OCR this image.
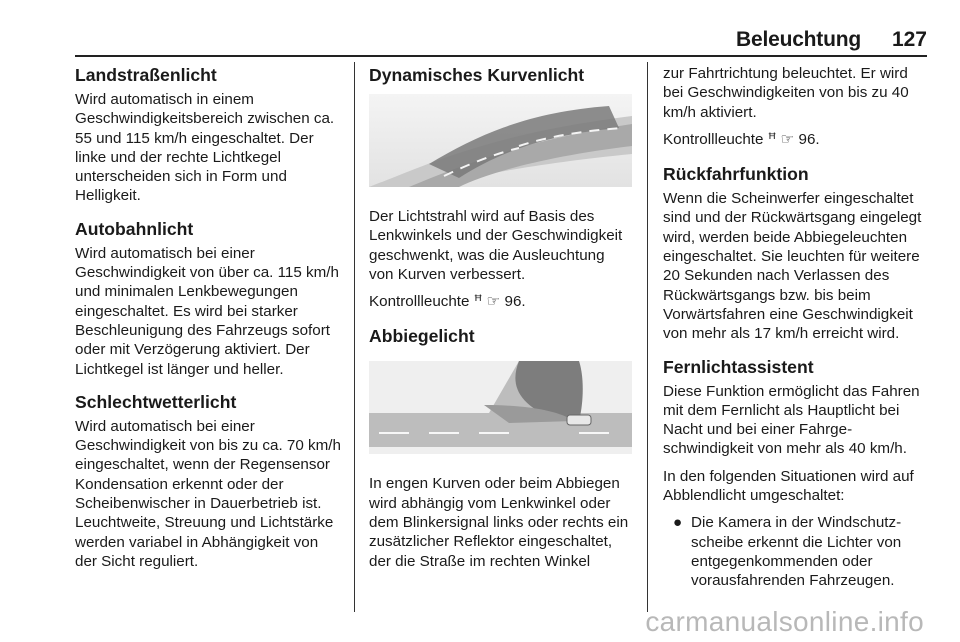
Beleuchtung 127
Landstraßenlicht

Wird automatisch in einem Geschwindigkeitsbereich zwischen ca. 55 und 115 km/h eingeschaltet. Der linke und der rechte Lichtkegel unterscheiden sich in Form und Helligkeit.

Autobahnlicht

Wird automatisch bei einer Geschwindigkeit von über ca. 115 km/h und minimalen Lenkbewegungen eingeschaltet. Es wird bei starker Beschleunigung des Fahrzeugs sofort oder mit Verzögerung aktiviert. Der Lichtkegel ist länger und heller.

Schlechtwetterlicht

Wird automatisch bei einer Geschwindigkeit von bis zu ca. 70 km/h eingeschaltet, wenn der Regensensor Kondensation erkennt oder der Scheibenwischer in Dauerbetrieb ist. Leuchtweite, Streuung und Lichtstärke werden variabel in Abhängigkeit von der Sicht reguliert.

Dynamisches Kurvenlicht

Der Lichtstrahl wird auf Basis des Lenkwinkels und der Geschwindigkeit geschwenkt, was die Ausleuchtung von Kurven verbessert.

Kontrollleuchte ꟸ ☞ 96.

Abbiegelicht

In engen Kurven oder beim Abbiegen wird abhängig vom Lenkwinkel oder dem Blinkersignal links oder rechts ein zusätzlicher Reflektor eingeschaltet, der die Straße im rechten Winkel

zur Fahrtrichtung beleuchtet. Er wird bei Geschwindigkeiten von bis zu 40 km/h aktiviert.

Kontrollleuchte ꟸ ☞ 96.

Rückfahrfunktion

Wenn die Scheinwerfer eingeschaltet sind und der Rückwärtsgang eingelegt wird, werden beide Abbiegeleuchten eingeschaltet. Sie leuchten für weitere 20 Sekunden nach Verlassen des Rückwärtsgangs bzw. bis beim Vorwärtsfahren eine Geschwindigkeit von mehr als 17 km/h erreicht wird.

Fernlichtassistent

Diese Funktion ermöglicht das Fahren mit dem Fernlicht als Hauptlicht bei Nacht und bei einer Fahrgeschwindigkeit von mehr als 40 km/h.

In den folgenden Situationen wird auf Abblendlicht umgeschaltet:

● Die Kamera in der Windschutzscheibe erkennt die Lichter von entgegenkommenden oder vorausfahrenden Fahrzeugen.
carmanualsonline.info
